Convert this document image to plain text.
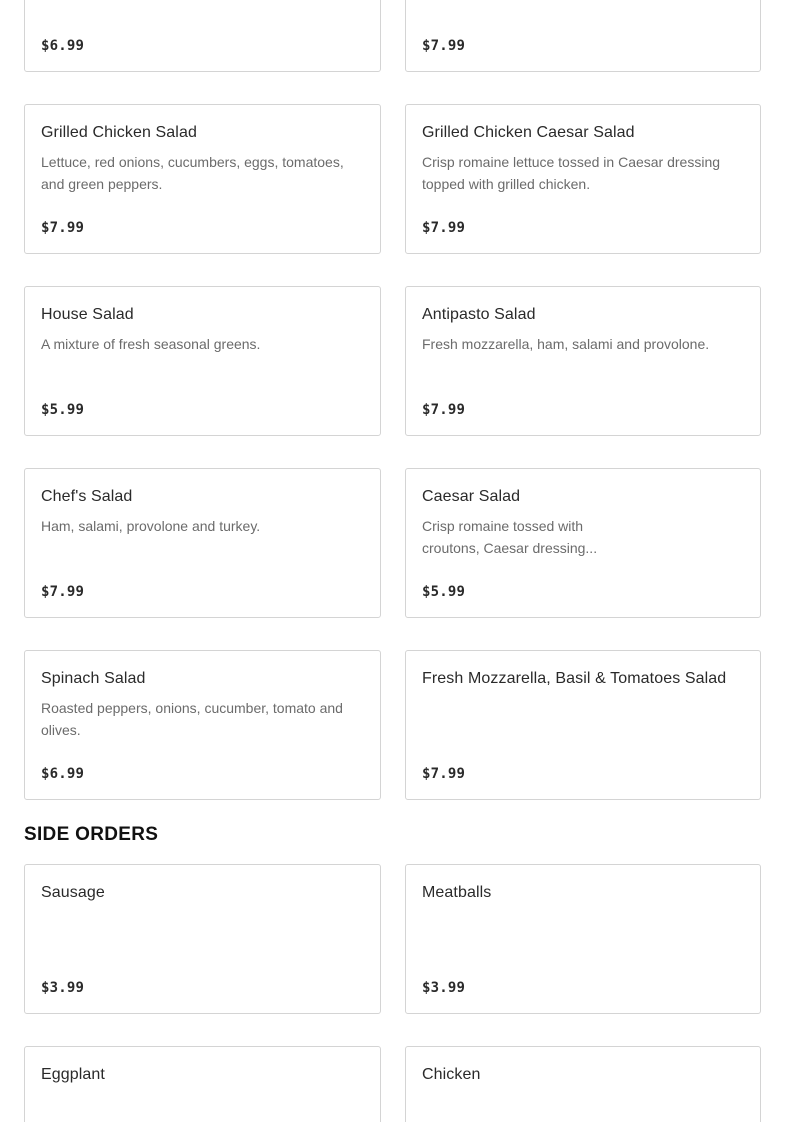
$6.99	$7.99
Grilled Chicken Salad
Lettuce, red onions, cucumbers, eggs, tomatoes, and green peppers.
$7.99
Grilled Chicken Caesar Salad
Crisp romaine lettuce tossed in Caesar dressing topped with grilled chicken.
$7.99
House Salad
A mixture of fresh seasonal greens.
$5.99
Antipasto Salad
Fresh mozzarella, ham, salami and provolone.
$7.99
Chef's Salad
Ham, salami, provolone and turkey.
$7.99
Caesar Salad
Crisp romaine tossed with croutons, Caesar dressing...
$5.99
Spinach Salad
Roasted peppers, onions, cucumber, tomato and olives.
$6.99
Fresh Mozzarella, Basil & Tomatoes Salad
$7.99
SIDE ORDERS
Sausage
$3.99
Meatballs
$3.99
Eggplant	Chicken
